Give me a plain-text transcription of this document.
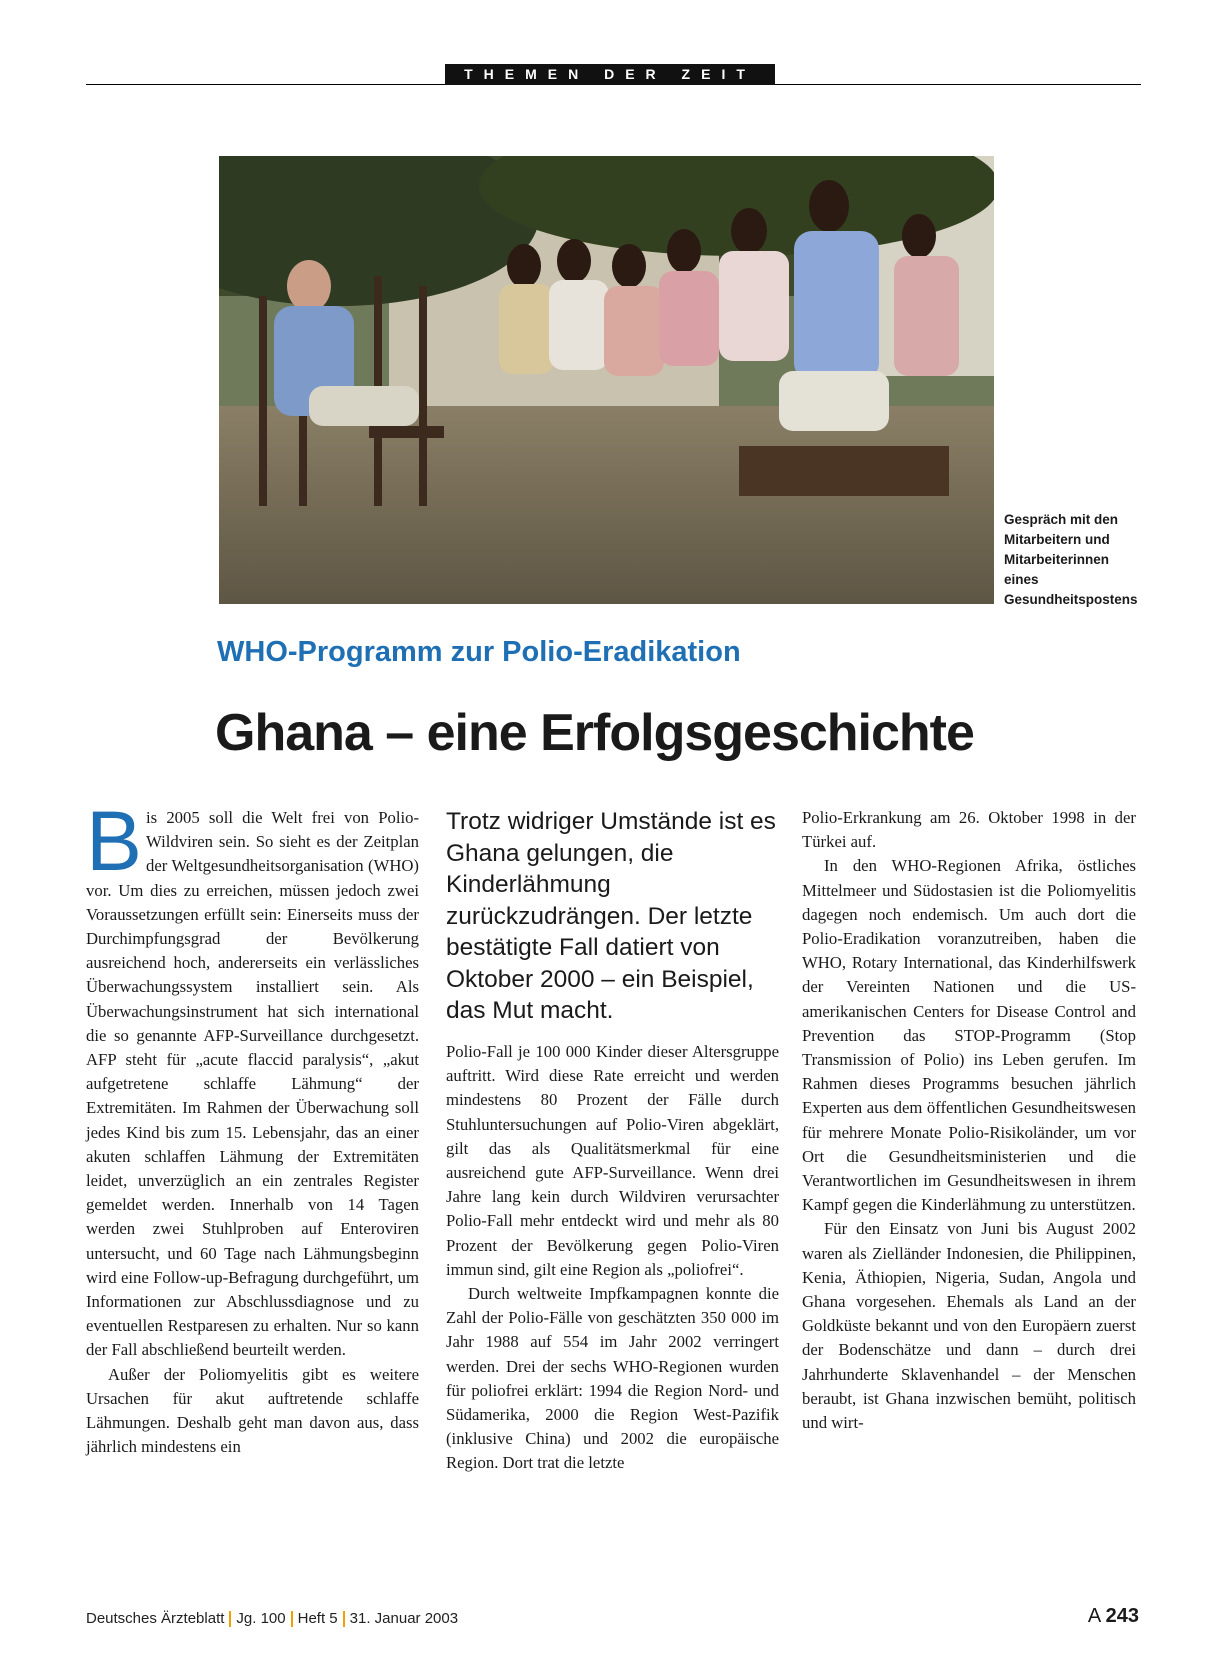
THEMEN DER ZEIT
Gespräch mit den Mitarbeitern und Mitarbeiterinnen eines Gesundheitspostens
WHO-Programm zur Polio-Eradikation
Ghana – eine Erfolgsgeschichte
B is 2005 soll die Welt frei von Polio-Wildviren sein. So sieht es der Zeitplan der Weltgesundheitsorganisation (WHO) vor. Um dies zu erreichen, müssen jedoch zwei Voraussetzungen erfüllt sein: Einerseits muss der Durchimpfungsgrad der Bevölkerung ausreichend hoch, andererseits ein verlässliches Überwachungssystem installiert sein. Als Überwachungsinstrument hat sich international die so genannte AFP-Surveillance durchgesetzt. AFP steht für „acute flaccid paralysis“, „akut aufgetretene schlaffe Lähmung“ der Extremitäten. Im Rahmen der Überwachung soll jedes Kind bis zum 15. Lebensjahr, das an einer akuten schlaffen Lähmung der Extremitäten leidet, unverzüglich an ein zentrales Register gemeldet werden. Innerhalb von 14 Tagen werden zwei Stuhlproben auf Enteroviren untersucht, und 60 Tage nach Lähmungsbeginn wird eine Follow-up-Befragung durchgeführt, um Informationen zur Abschlussdiagnose und zu eventuellen Restparesen zu erhalten. Nur so kann der Fall abschließend beurteilt werden.

Außer der Poliomyelitis gibt es weitere Ursachen für akut auftretende schlaffe Lähmungen. Deshalb geht man davon aus, dass jährlich mindestens ein

Trotz widriger Umstände ist es Ghana gelungen, die Kinderlähmung zurückzudrängen. Der letzte bestätigte Fall datiert von Oktober 2000 – ein Beispiel, das Mut macht.

Polio-Fall je 100 000 Kinder dieser Altersgruppe auftritt. Wird diese Rate erreicht und werden mindestens 80 Prozent der Fälle durch Stuhluntersuchungen auf Polio-Viren abgeklärt, gilt das als Qualitätsmerkmal für eine ausreichend gute AFP-Surveillance. Wenn drei Jahre lang kein durch Wildviren verursachter Polio-Fall mehr entdeckt wird und mehr als 80 Prozent der Bevölkerung gegen Polio-Viren immun sind, gilt eine Region als „poliofrei“.

Durch weltweite Impfkampagnen konnte die Zahl der Polio-Fälle von geschätzten 350 000 im Jahr 1988 auf 554 im Jahr 2002 verringert werden. Drei der sechs WHO-Regionen wurden für poliofrei erklärt: 1994 die Region Nord- und Südamerika, 2000 die Region West-Pazifik (inklusive China) und 2002 die europäische Region. Dort trat die letzte

Polio-Erkrankung am 26. Oktober 1998 in der Türkei auf.

In den WHO-Regionen Afrika, östliches Mittelmeer und Südostasien ist die Poliomyelitis dagegen noch endemisch. Um auch dort die Polio-Eradikation voranzutreiben, haben die WHO, Rotary International, das Kinderhilfswerk der Vereinten Nationen und die US-amerikanischen Centers for Disease Control and Prevention das STOP-Programm (Stop Transmission of Polio) ins Leben gerufen. Im Rahmen dieses Programms besuchen jährlich Experten aus dem öffentlichen Gesundheitswesen für mehrere Monate Polio-Risikoländer, um vor Ort die Gesundheitsministerien und die Verantwortlichen im Gesundheitswesen in ihrem Kampf gegen die Kinderlähmung zu unterstützen.

Für den Einsatz von Juni bis August 2002 waren als Zielländer Indonesien, die Philippinen, Kenia, Äthiopien, Nigeria, Sudan, Angola und Ghana vorgesehen. Ehemals als Land an der Goldküste bekannt und von den Europäern zuerst der Bodenschätze und dann – durch drei Jahrhunderte Sklavenhandel – der Menschen beraubt, ist Ghana inzwischen bemüht, politisch und wirt-

Deutsches Ärzteblatt Jg. 100 Heft 5 31. Januar 2003	A 243
